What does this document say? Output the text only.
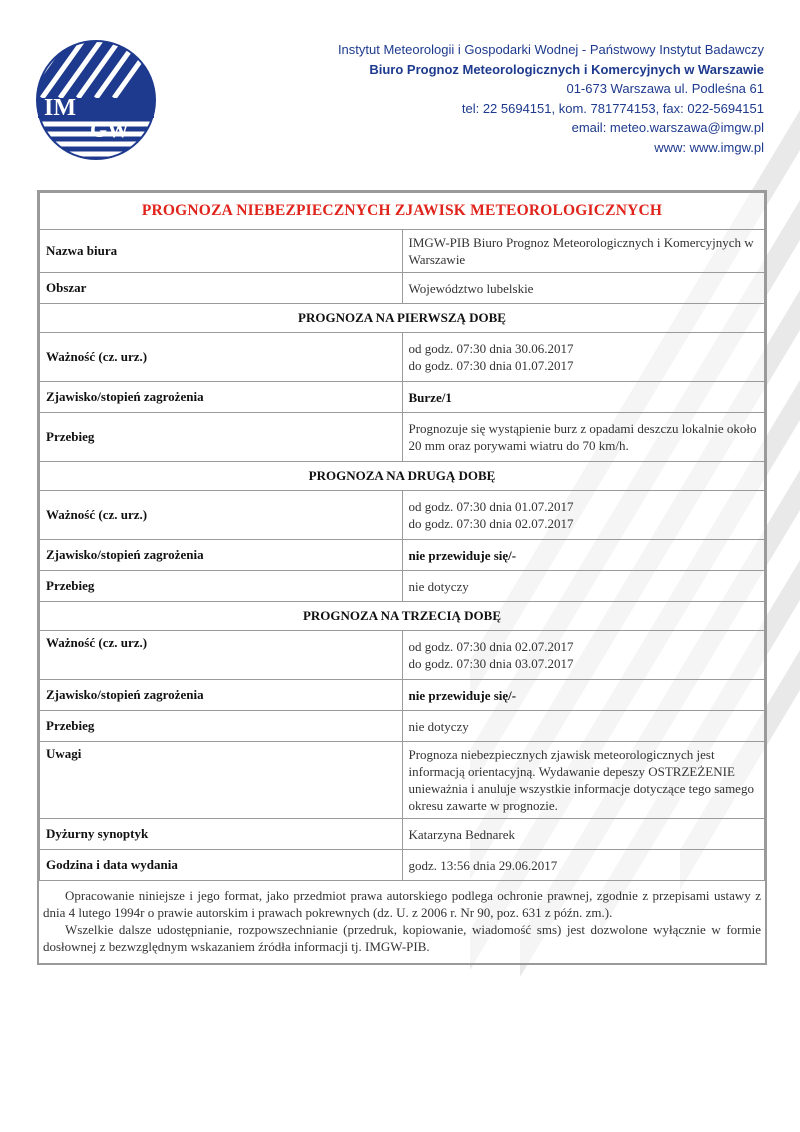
IM
GW
Instytut Meteorologii i Gospodarki Wodnej - Państwowy Instytut Badawczy
Biuro Prognoz Meteorologicznych i Komercyjnych w Warszawie
01-673 Warszawa ul. Podleśna 61
tel: 22 5694151, kom. 781774153, fax: 022-5694151
email: meteo.warszawa@imgw.pl
www: www.imgw.pl
PROGNOZA NIEBEZPIECZNYCH ZJAWISK METEOROLOGICZNYCH	
Nazwa biura	IMGW-PIB Biuro Prognoz Meteorologicznych i Komercyjnych w Warszawie
Obszar	Województwo lubelskie
PROGNOZA NA PIERWSZĄ DOBĘ	
Ważność (cz. urz.)	od godz. 07:30 dnia 30.06.2017
do godz. 07:30 dnia 01.07.2017

Zjawisko/stopień zagrożenia	Burze/1
Przebieg	Prognozuje się wystąpienie burz z opadami deszczu lokalnie około 20 mm oraz porywami wiatru do 70 km/h.
PROGNOZA NA DRUGĄ DOBĘ	
Ważność (cz. urz.)	od godz. 07:30 dnia 01.07.2017
do godz. 07:30 dnia 02.07.2017

Zjawisko/stopień zagrożenia	nie przewiduje się/-
Przebieg	nie dotyczy
PROGNOZA NA TRZECIĄ DOBĘ	
Ważność (cz. urz.)	od godz. 07:30 dnia 02.07.2017
do godz. 07:30 dnia 03.07.2017

Zjawisko/stopień zagrożenia	nie przewiduje się/-
Przebieg	nie dotyczy
Uwagi	Prognoza niebezpiecznych zjawisk meteorologicznych jest informacją orientacyjną. Wydawanie depeszy OSTRZEŻENIE unieważnia i anuluje wszystkie informacje dotyczące tego samego okresu zawarte w prognozie.
Dyżurny synoptyk	Katarzyna Bednarek
Godzina i data wydania	godz. 13:56 dnia 29.06.2017

Opracowanie niniejsze i jego format, jako przedmiot prawa autorskiego podlega ochronie prawnej, zgodnie z przepisami ustawy z dnia 4 lutego 1994r o prawie autorskim i prawach pokrewnych (dz. U. z 2006 r. Nr 90, poz. 631 z późn. zm.).

Wszelkie dalsze udostępnianie, rozpowszechnianie (przedruk, kopiowanie, wiadomość sms) jest dozwolone wyłącznie w formie dosłownej z bezwzględnym wskazaniem źródła informacji tj. IMGW-PIB.
